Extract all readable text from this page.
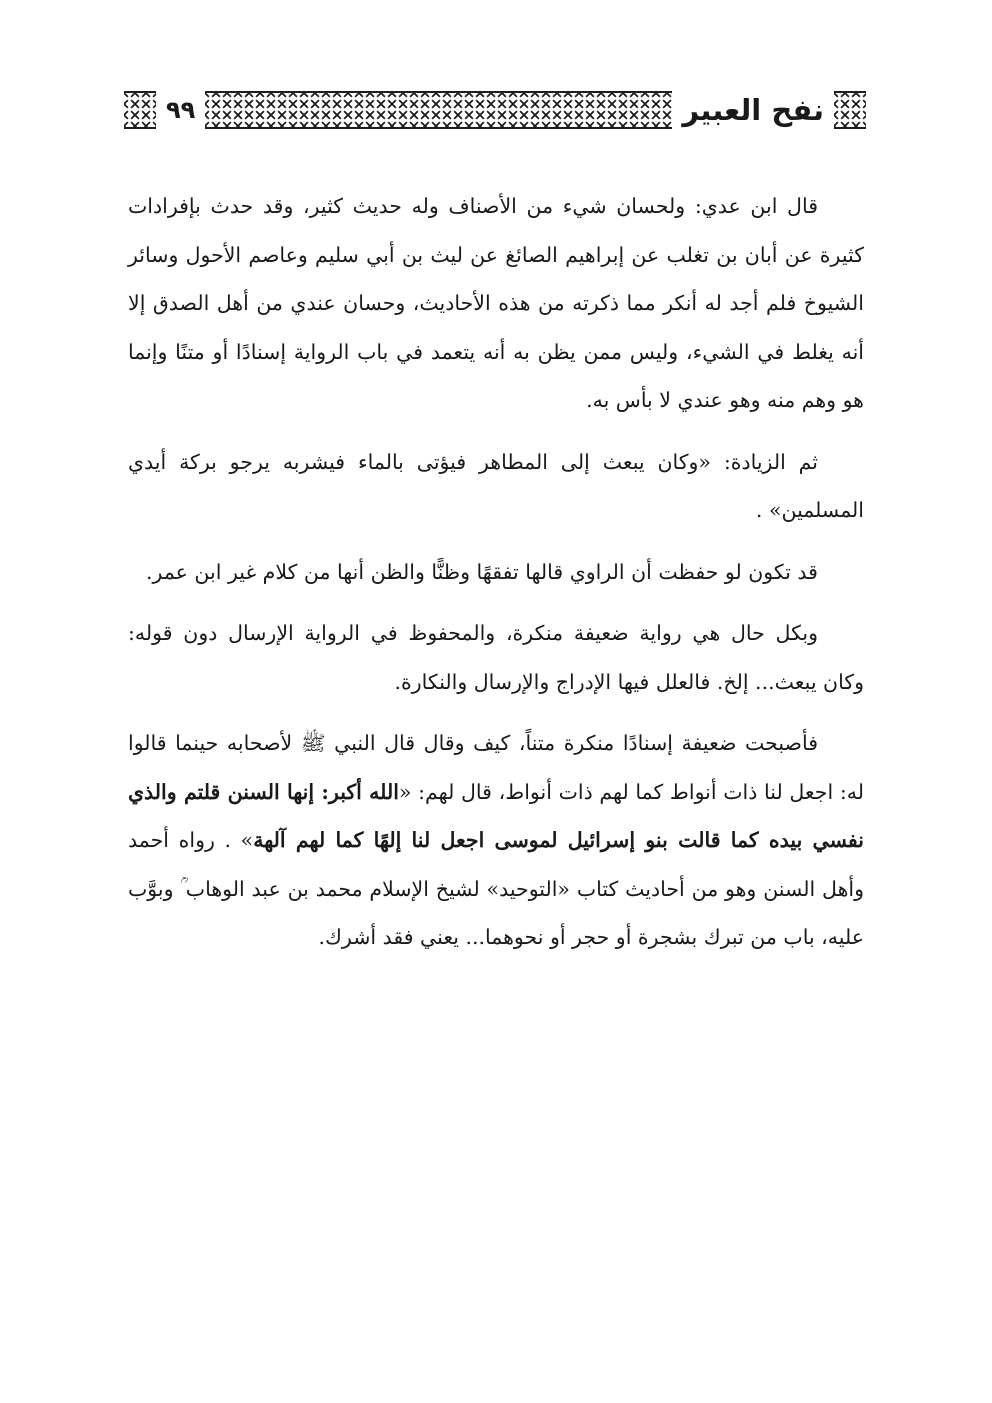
نفح العبير
٩٩

قال ابن عدي: ولحسان شيء من الأصناف وله حديث كثير، وقد حدث بإفرادات كثيرة عن أبان بن تغلب عن إبراهيم الصائغ عن ليث بن أبي سليم وعاصم الأحول وسائر الشيوخ فلم أجد له أنكر مما ذكرته من هذه الأحاديث، وحسان عندي من أهل الصدق إلا أنه يغلط في الشيء، وليس ممن يظن به أنه يتعمد في باب الرواية إسنادًا أو متنًا وإنما هو وهم منه وهو عندي لا بأس به.

ثم الزيادة: «وكان يبعث إلى المطاهر فيؤتى بالماء فيشربه يرجو بركة أيدي المسلمين» .

قد تكون لو حفظت أن الراوي قالها تفقهًا وظنًّا والظن أنها من كلام غير ابن عمر.

وبكل حال هي رواية ضعيفة منكرة، والمحفوظ في الرواية الإرسال دون قوله: وكان يبعث... إلخ. فالعلل فيها الإدراج والإرسال والنكارة.

فأصبحت ضعيفة إسنادًا منكرة متناً، كيف وقال قال النبي ﷺ لأصحابه حينما قالوا له: اجعل لنا ذات أنواط كما لهم ذات أنواط، قال لهم: «الله أكبر: إنها السنن قلتم والذي نفسي بيده كما قالت بنو إسرائيل لموسى اجعل لنا إلهًا كما لهم آلهة» . رواه أحمد وأهل السنن وهو من أحاديث كتاب «التوحيد» لشيخ الإسلام محمد بن عبد الوهاب ؒ وبوَّب عليه، باب من تبرك بشجرة أو حجر أو نحوهما... يعني فقد أشرك.
